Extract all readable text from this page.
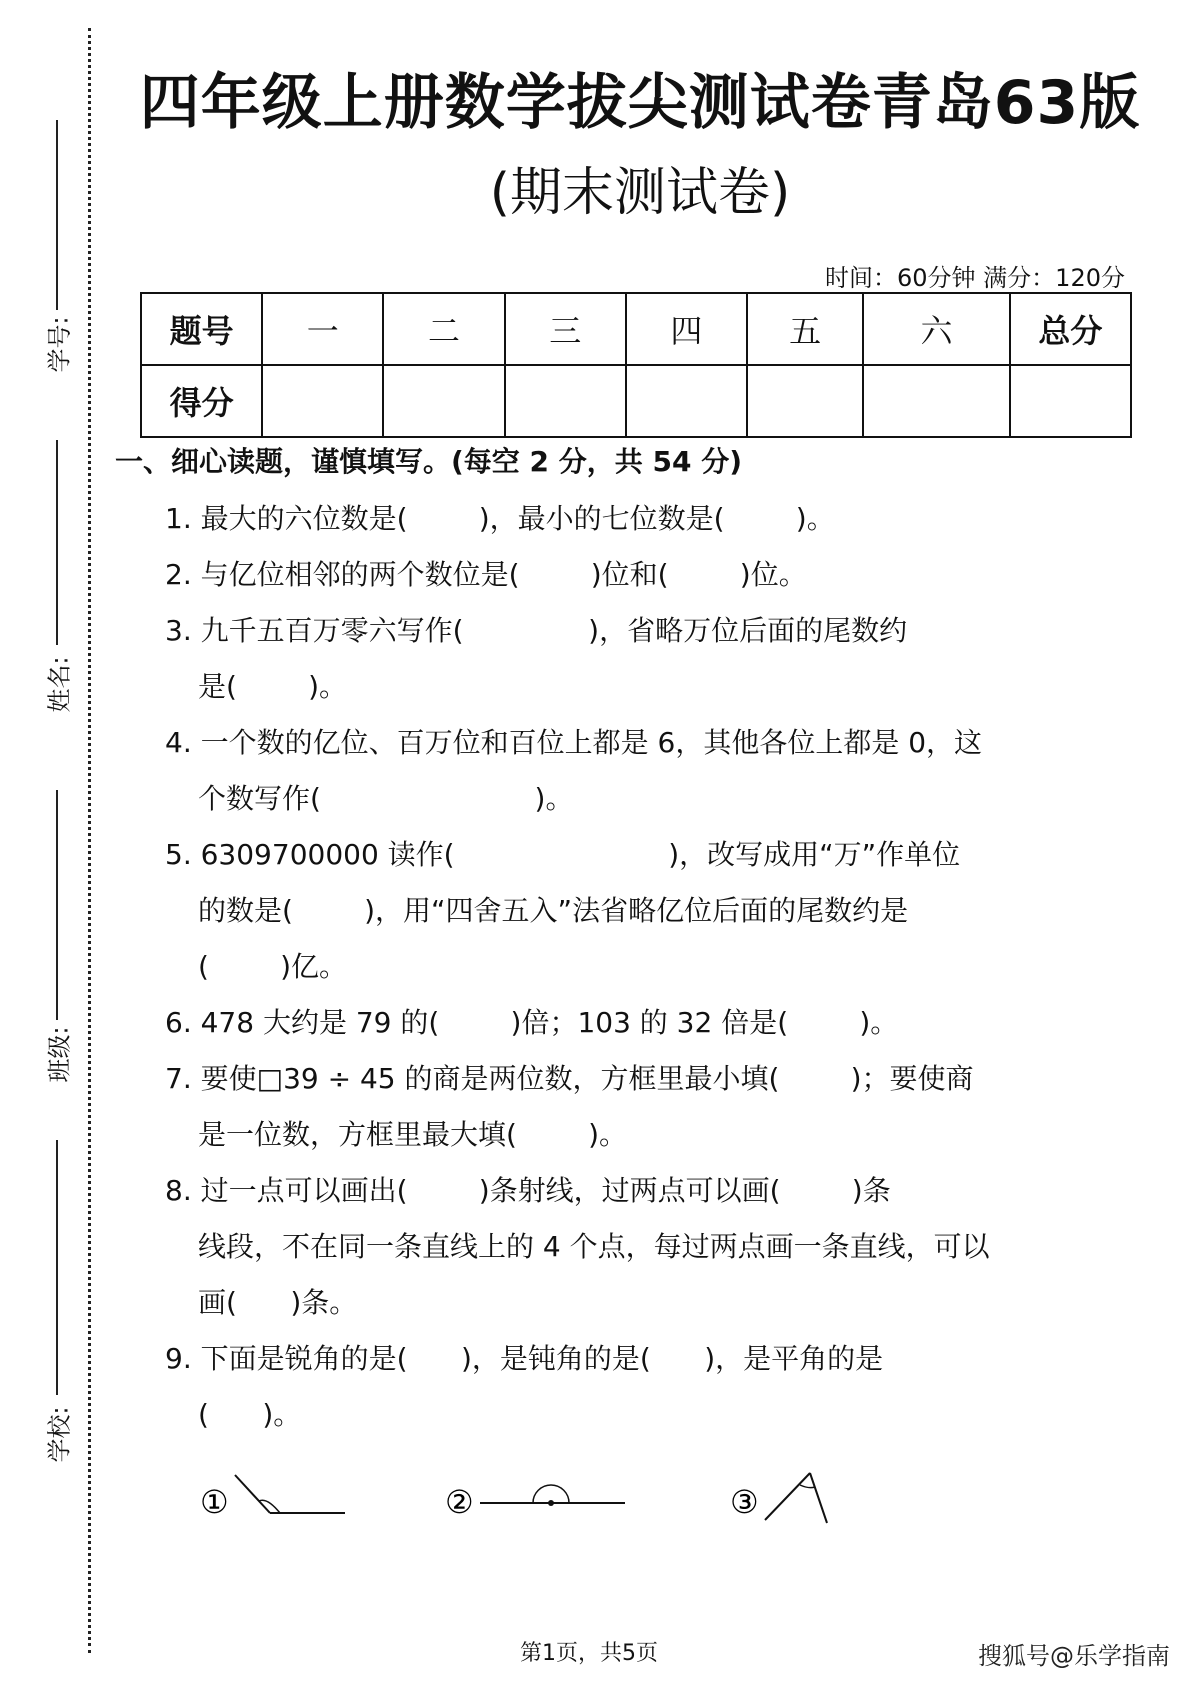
学号:
姓名:
班级:
学校:
四年级上册数学拔尖测试卷青岛63版
(期末测试卷)
时间：60分钟 满分：120分
题号	一	二	三	四	五	六	总分
得分							
一、细心读题，谨慎填写。(每空 2 分，共 54 分)
1. 最大的六位数是(        )，最小的七位数是(        )。
2. 与亿位相邻的两个数位是(        )位和(        )位。
3. 九千五百万零六写作(              )，省略万位后面的尾数约
是(        )。
4. 一个数的亿位、百万位和百位上都是 6，其他各位上都是 0，这
个数写作(                        )。
5. 6309700000 读作(                        )，改写成用“万”作单位
的数是(        )，用“四舍五入”法省略亿位后面的尾数约是
(        )亿。
6. 478 大约是 79 的(        )倍；103 的 32 倍是(        )。
7. 要使□39 ÷ 45 的商是两位数，方框里最小填(        )；要使商
是一位数，方框里最大填(        )。
8. 过一点可以画出(        )条射线，过两点可以画(        )条
线段，不在同一条直线上的 4 个点，每过两点画一条直线，可以
画(      )条。
9. 下面是锐角的是(      )，是钝角的是(      )，是平角的是
(      )。
①	②	③
第1页，共5页	搜狐号@乐学指南
